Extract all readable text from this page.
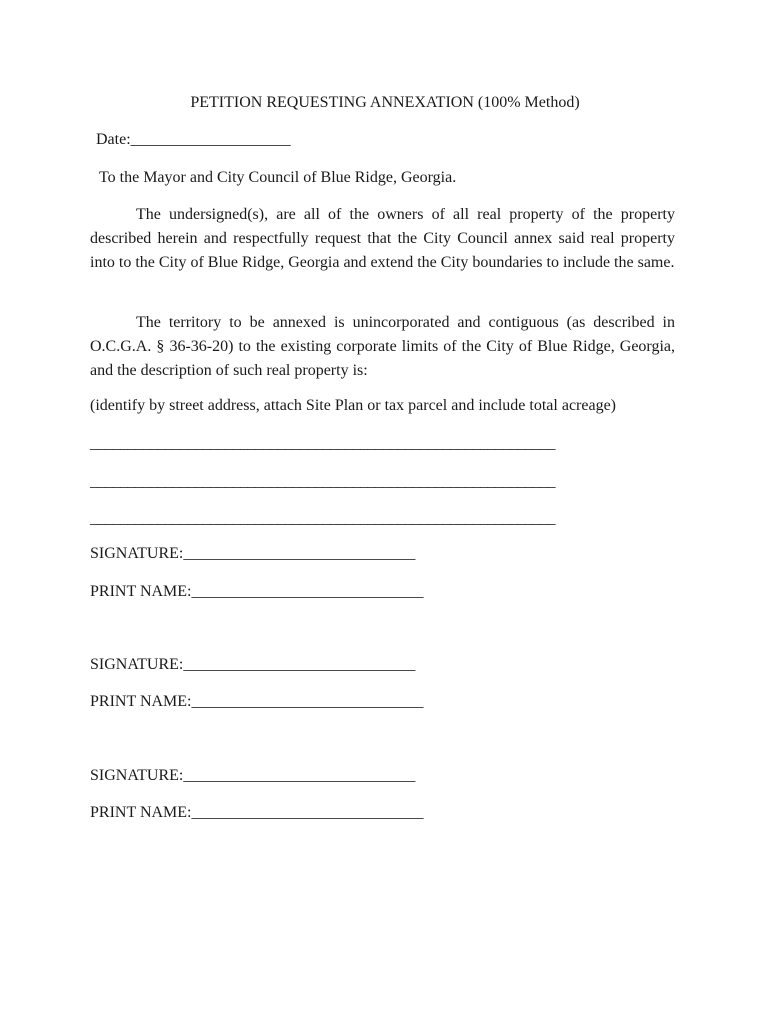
PETITION REQUESTING ANNEXATION (100% Method)
Date:____________________
To the Mayor and City Council of Blue Ridge, Georgia.
The undersigned(s), are all of the owners of all real property of the property described herein and respectfully request that the City Council annex said real property into to the City of Blue Ridge, Georgia and extend the City boundaries to include the same.
The territory to be annexed is unincorporated and contiguous (as described in O.C.G.A. § 36-36-20) to the existing corporate limits of the City of Blue Ridge, Georgia, and the description of such real property is:
(identify by street address, attach Site Plan or tax parcel and include total acreage)
______________________________________________________________
______________________________________________________________
______________________________________________________________
SIGNATURE:_____________________________
PRINT NAME:_____________________________
SIGNATURE:_____________________________
PRINT NAME:_____________________________
SIGNATURE:_____________________________
PRINT NAME:_____________________________
